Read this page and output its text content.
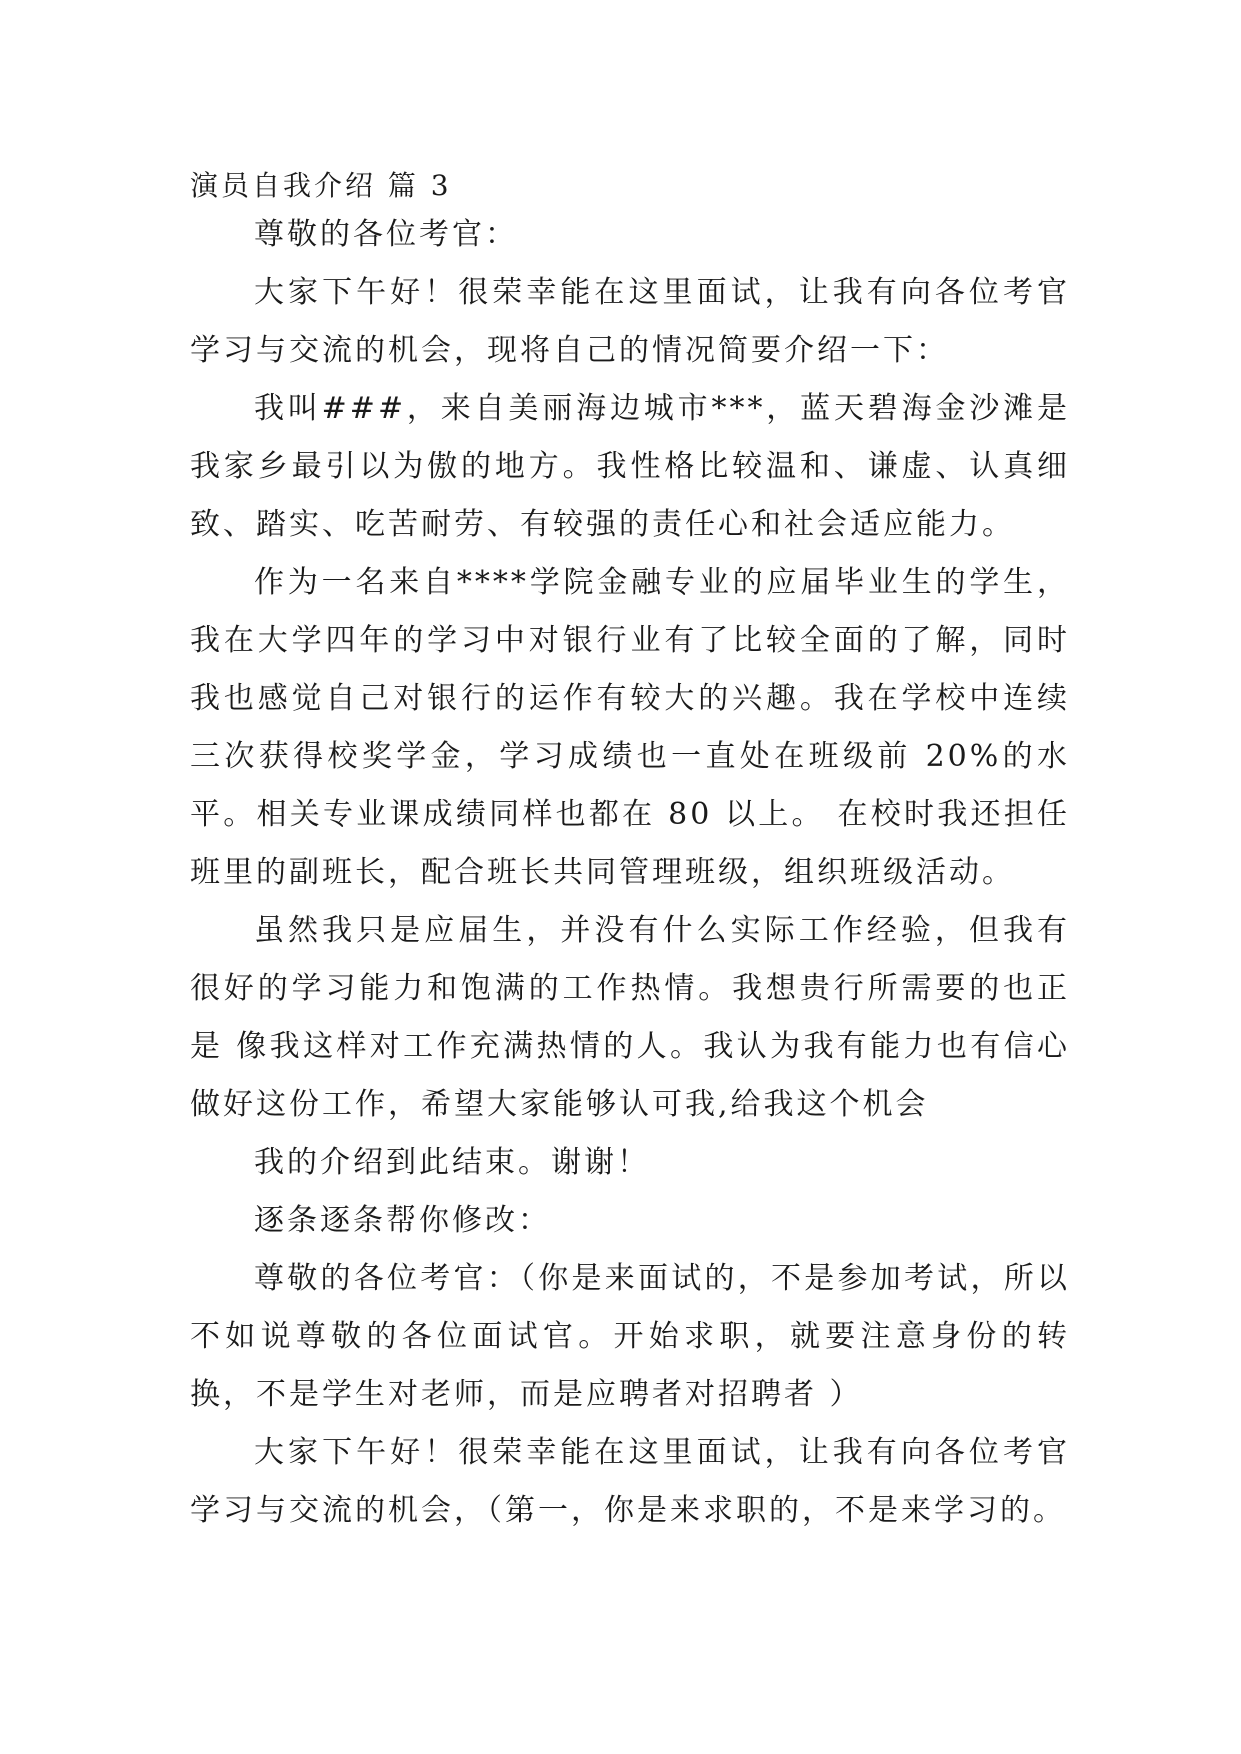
演员自我介绍 篇 3

尊敬的各位考官：

大家下午好！很荣幸能在这里面试，让我有向各位考官学习与交流的机会，现将自己的情况简要介绍一下：

我叫###，来自美丽海边城市***，蓝天碧海金沙滩是我家乡最引以为傲的地方。我性格比较温和、谦虚、认真细致、踏实、吃苦耐劳、有较强的责任心和社会适应能力。

作为一名来自****学院金融专业的应届毕业生的学生，我在大学四年的学习中对银行业有了比较全面的了解，同时我也感觉自己对银行的运作有较大的兴趣。我在学校中连续三次获得校奖学金，学习成绩也一直处在班级前 20%的水平。相关专业课成绩同样也都在 80 以上。 在校时我还担任班里的副班长，配合班长共同管理班级，组织班级活动。

虽然我只是应届生，并没有什么实际工作经验，但我有很好的学习能力和饱满的工作热情。我想贵行所需要的也正是 像我这样对工作充满热情的人。我认为我有能力也有信心做好这份工作，希望大家能够认可我,给我这个机会

我的介绍到此结束。谢谢！

逐条逐条帮你修改：

尊敬的各位考官：（你是来面试的，不是参加考试，所以不如说尊敬的各位面试官。开始求职，就要注意身份的转换，不是学生对老师，而是应聘者对招聘者 ）

大家下午好！很荣幸能在这里面试，让我有向各位考官学习与交流的机会，（第一，你是来求职的，不是来学习的。
